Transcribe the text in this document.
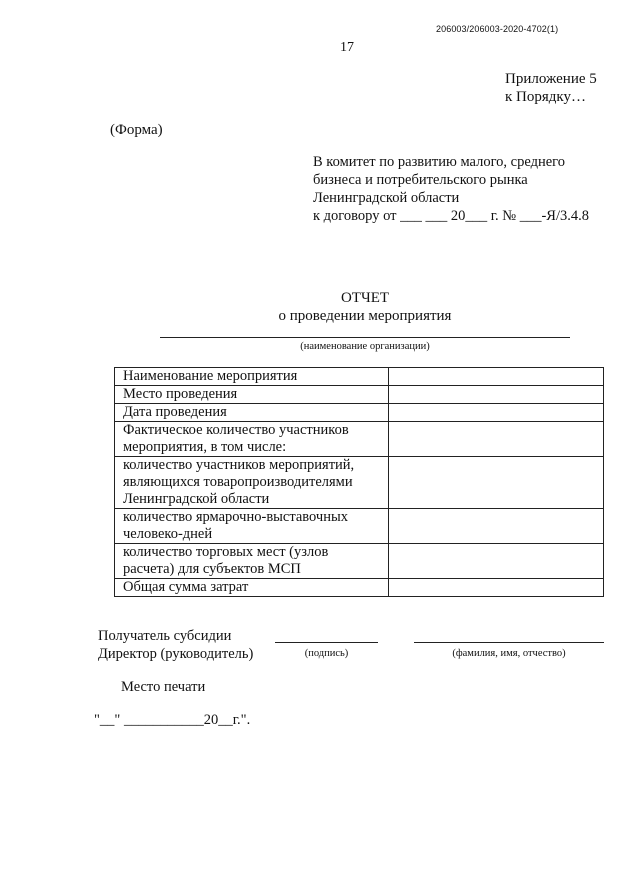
206003/206003-2020-4702(1)
17
Приложение 5
к Порядку…
(Форма)
В комитет по развитию малого, среднего
бизнеса и потребительского рынка
Ленинградской области
к договору от ___ ___ 20___ г. № ___-Я/3.4.8
ОТЧЕТ
о проведении мероприятия
(наименование организации)
Наименование мероприятия	
Место проведения	
Дата проведения	
Фактическое количество участников мероприятия, в том числе:	
количество участников мероприятий, являющихся товаропроизводителями Ленинградской области	
количество ярмарочно-выставочных человеко-дней	
количество торговых мест (узлов расчета) для субъектов МСП	
Общая сумма затрат	
Получатель субсидии
Директор (руководитель)	(подпись)	(фамилия, имя, отчество)
Место печати
"__" ___________20__г.".
